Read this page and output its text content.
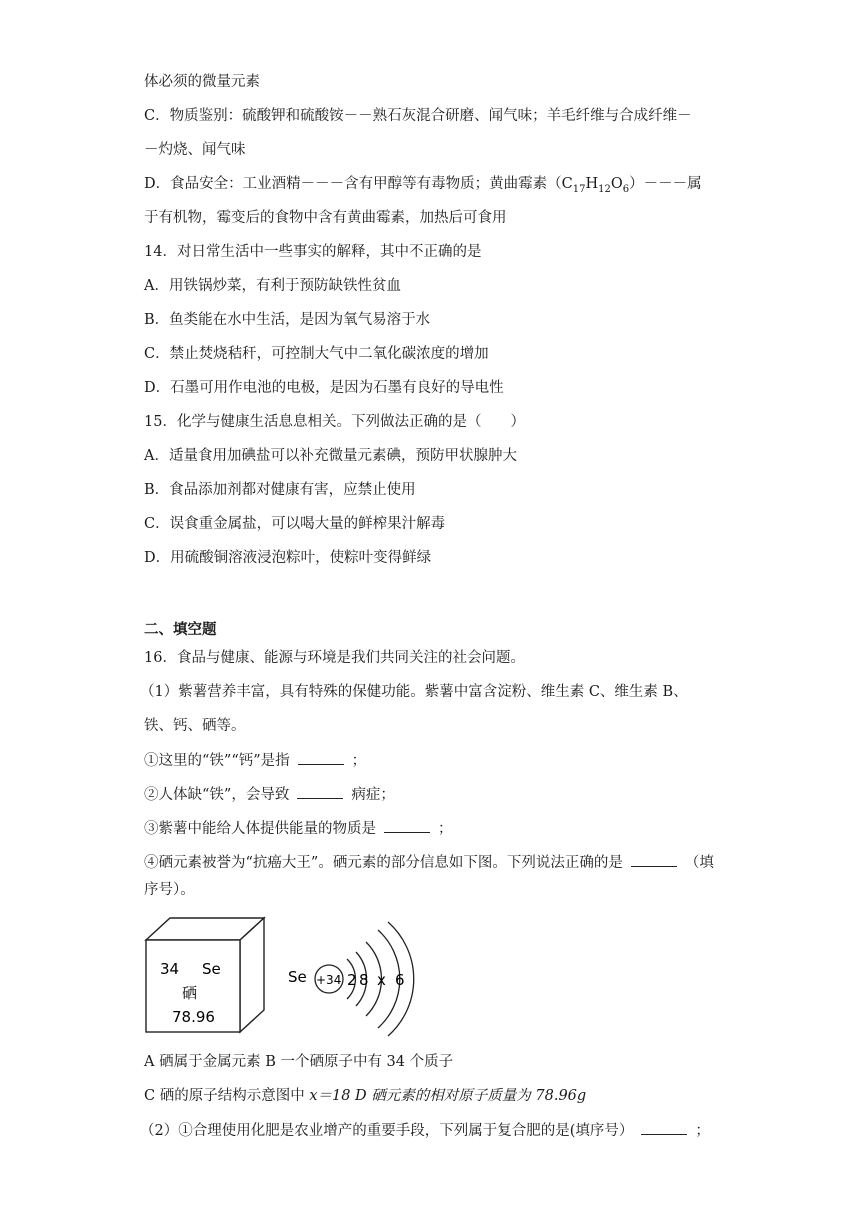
体必须的微量元素
C．物质鉴别：硫酸钾和硫酸铵－－熟石灰混合研磨、闻气味；羊毛纤维与合成纤维－
－灼烧、闻气味
D．食品安全：工业酒精－－－含有甲醇等有毒物质；黄曲霉素$(C_{17}H_{12}O_6)---$属
于有机物，霉变后的食物中含有黄曲霉素，加热后可食用
14．对日常生活中一些事实的解释，其中不正确的是
A．用铁锅炒菜，有利于预防缺铁性贫血
B．鱼类能在水中生活，是因为氧气易溶于水
C．禁止焚烧秸秆，可控制大气中二氧化碳浓度的增加
D．石墨可用作电池的电极，是因为石墨有良好的导电性
15．化学与健康生活息息相关。下列做法正确的是（　　）
A．适量食用加碘盐可以补充微量元素碘，预防甲状腺肿大
B．食品添加剂都对健康有害，应禁止使用
C．误食重金属盐，可以喝大量的鲜榨果汁解毒
D．用硫酸铜溶液浸泡粽叶，使粽叶变得鲜绿
二、填空题
16．食品与健康、能源与环境是我们共同关注的社会问题。
（1）紫薯营养丰富，具有特殊的保健功能。紫薯中富含淀粉、维生素 C、维生素 B、
铁、钙、硒等。
①这里的“铁”“钙”是指	；
②人体缺“铁”，会导致	病症；
③紫薯中能给人体提供能量的物质是	；
④硒元素被誉为“抗癌大王”。硒元素的部分信息如下图。下列说法正确的是	（填
序号）。
34 Se
硒
78.96
Se +34 2 8 x 6
A 硒属于金属元素 B 一个硒原子中有 34 个质子
C 硒的原子结构示意图中 x＝18 D 硒元素的相对原子质量为 78.96g
（2）①合理使用化肥是农业增产的重要手段，下列属于复合肥的是(填序号）	；
